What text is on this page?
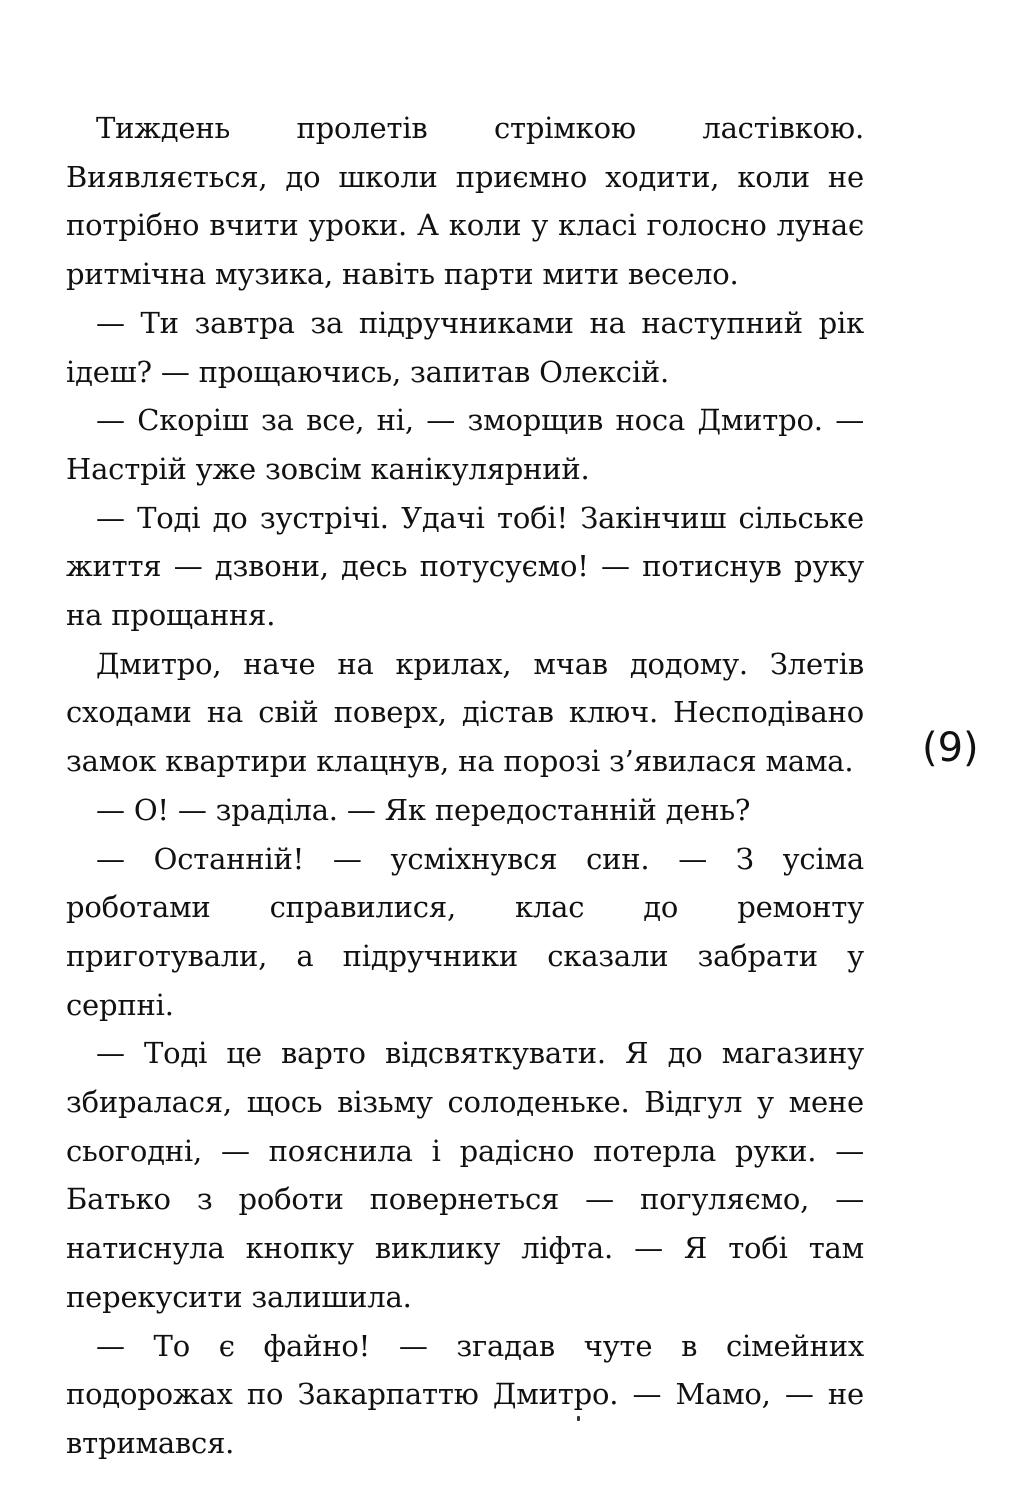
Тиждень пролетів стрімкою ластівкою. Виявляється, до школи приємно ходити, коли не потрібно вчити уроки. А коли у класі голосно лунає ритмічна музика, навіть парти мити весело.

— Ти завтра за підручниками на наступний рік ідеш? — прощаючись, запитав Олексій.

— Скоріш за все, ні, — зморщив носа Дмитро. — Настрій уже зовсім канікулярний.

— Тоді до зустрічі. Удачі тобі! Закінчиш сільське життя — дзвони, десь потусуємо! — потиснув руку на прощання.

Дмитро, наче на крилах, мчав додому. Злетів сходами на свій поверх, дістав ключ. Несподівано замок квартири клацнув, на порозі з’явилася мама.

— О! — зраділа. — Як передостанній день?

— Останній! — усміхнувся син. — З усіма роботами справилися, клас до ремонту приготували, а підручники сказали забрати у серпні.

— Тоді це варто відсвяткувати. Я до магазину збиралася, щось візьму солоденьке. Відгул у мене сьогодні, — пояснила і радісно потерла руки. — Батько з роботи повернеться — погуляємо, — натиснула кнопку виклику ліфта. — Я тобі там перекусити залишила.

— То є файно! — згадав чуте в сімейних подорожах по Закарпаттю Дмитро. — Мамо, — не втримався.

(9)
